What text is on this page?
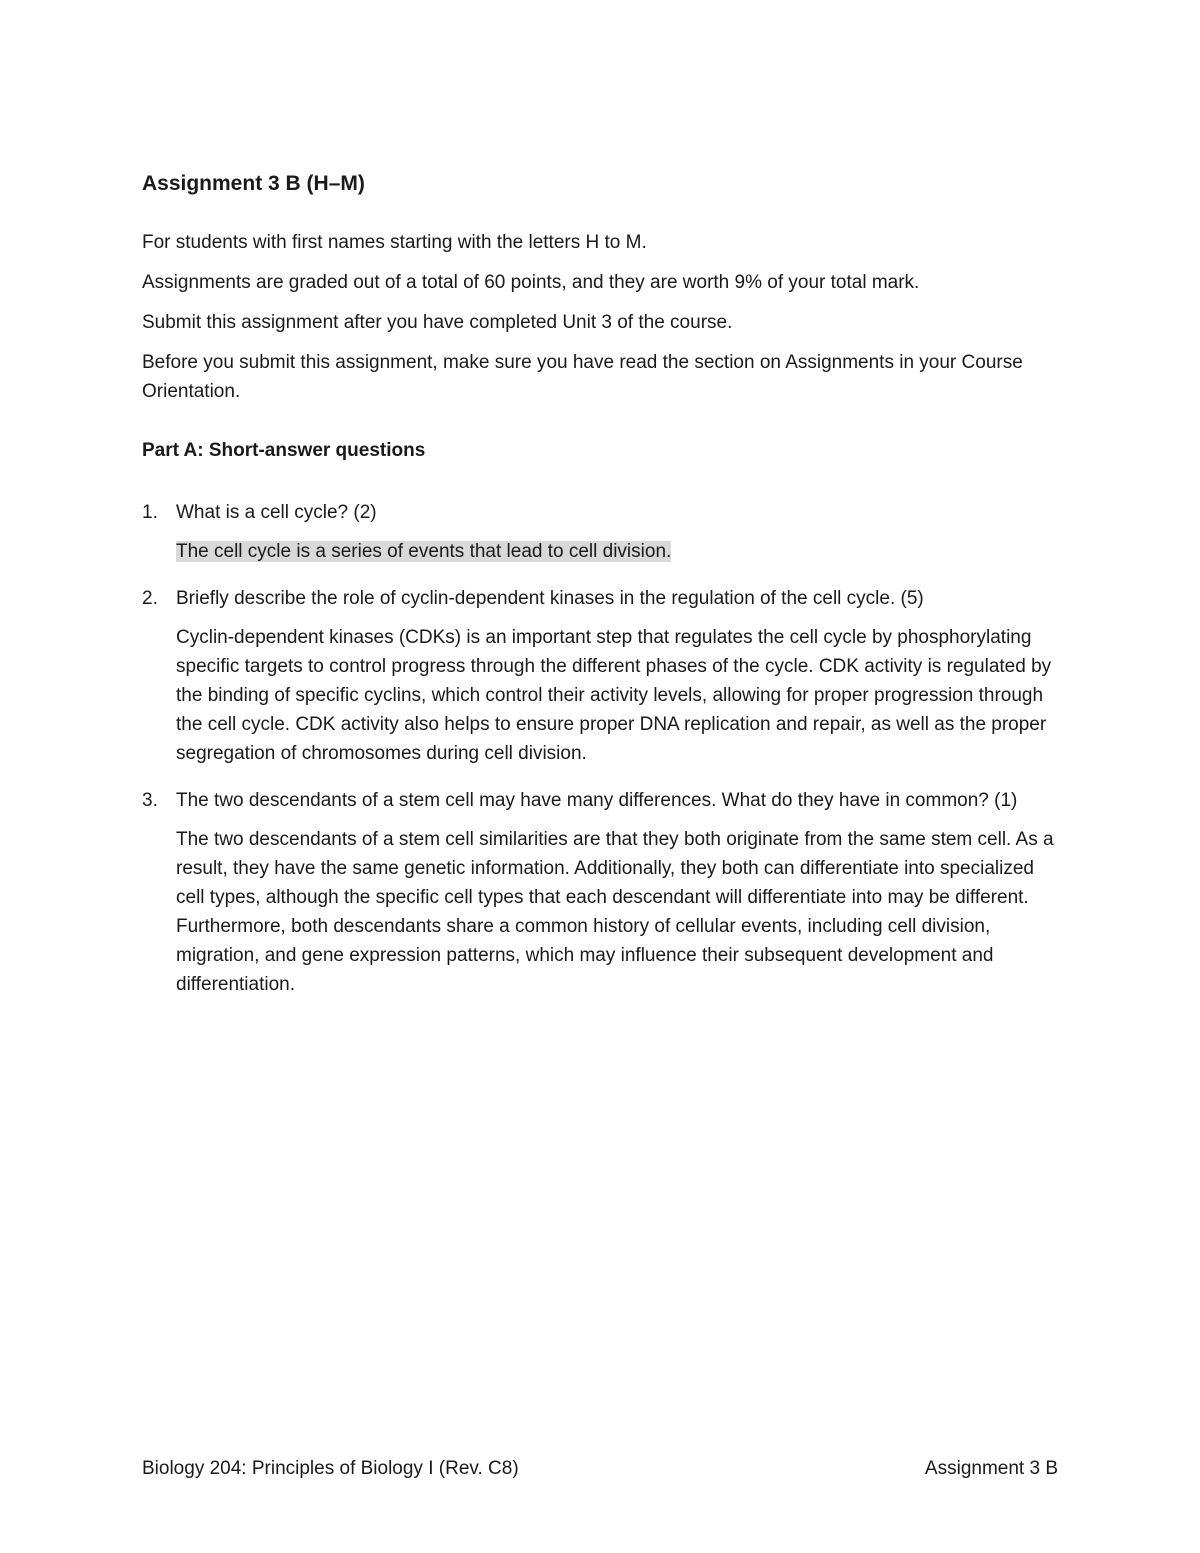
Assignment 3 B (H–M)

For students with first names starting with the letters H to M.

Assignments are graded out of a total of 60 points, and they are worth 9% of your total mark.

Submit this assignment after you have completed Unit 3 of the course.

Before you submit this assignment, make sure you have read the section on Assignments in your Course Orientation.

Part A: Short-answer questions
1. What is a cell cycle? (2)

The cell cycle is a series of events that lead to cell division.

2. Briefly describe the role of cyclin-dependent kinases in the regulation of the cell cycle. (5)

Cyclin-dependent kinases (CDKs) is an important step that regulates the cell cycle by phosphorylating specific targets to control progress through the different phases of the cycle. CDK activity is regulated by the binding of specific cyclins, which control their activity levels, allowing for proper progression through the cell cycle. CDK activity also helps to ensure proper DNA replication and repair, as well as the proper segregation of chromosomes during cell division.

3. The two descendants of a stem cell may have many differences. What do they have in common? (1)

The two descendants of a stem cell similarities are that they both originate from the same stem cell. As a result, they have the same genetic information. Additionally, they both can differentiate into specialized cell types, although the specific cell types that each descendant will differentiate into may be different. Furthermore, both descendants share a common history of cellular events, including cell division, migration, and gene expression patterns, which may influence their subsequent development and differentiation.

Biology 204: Principles of Biology I (Rev. C8)	Assignment 3 B
